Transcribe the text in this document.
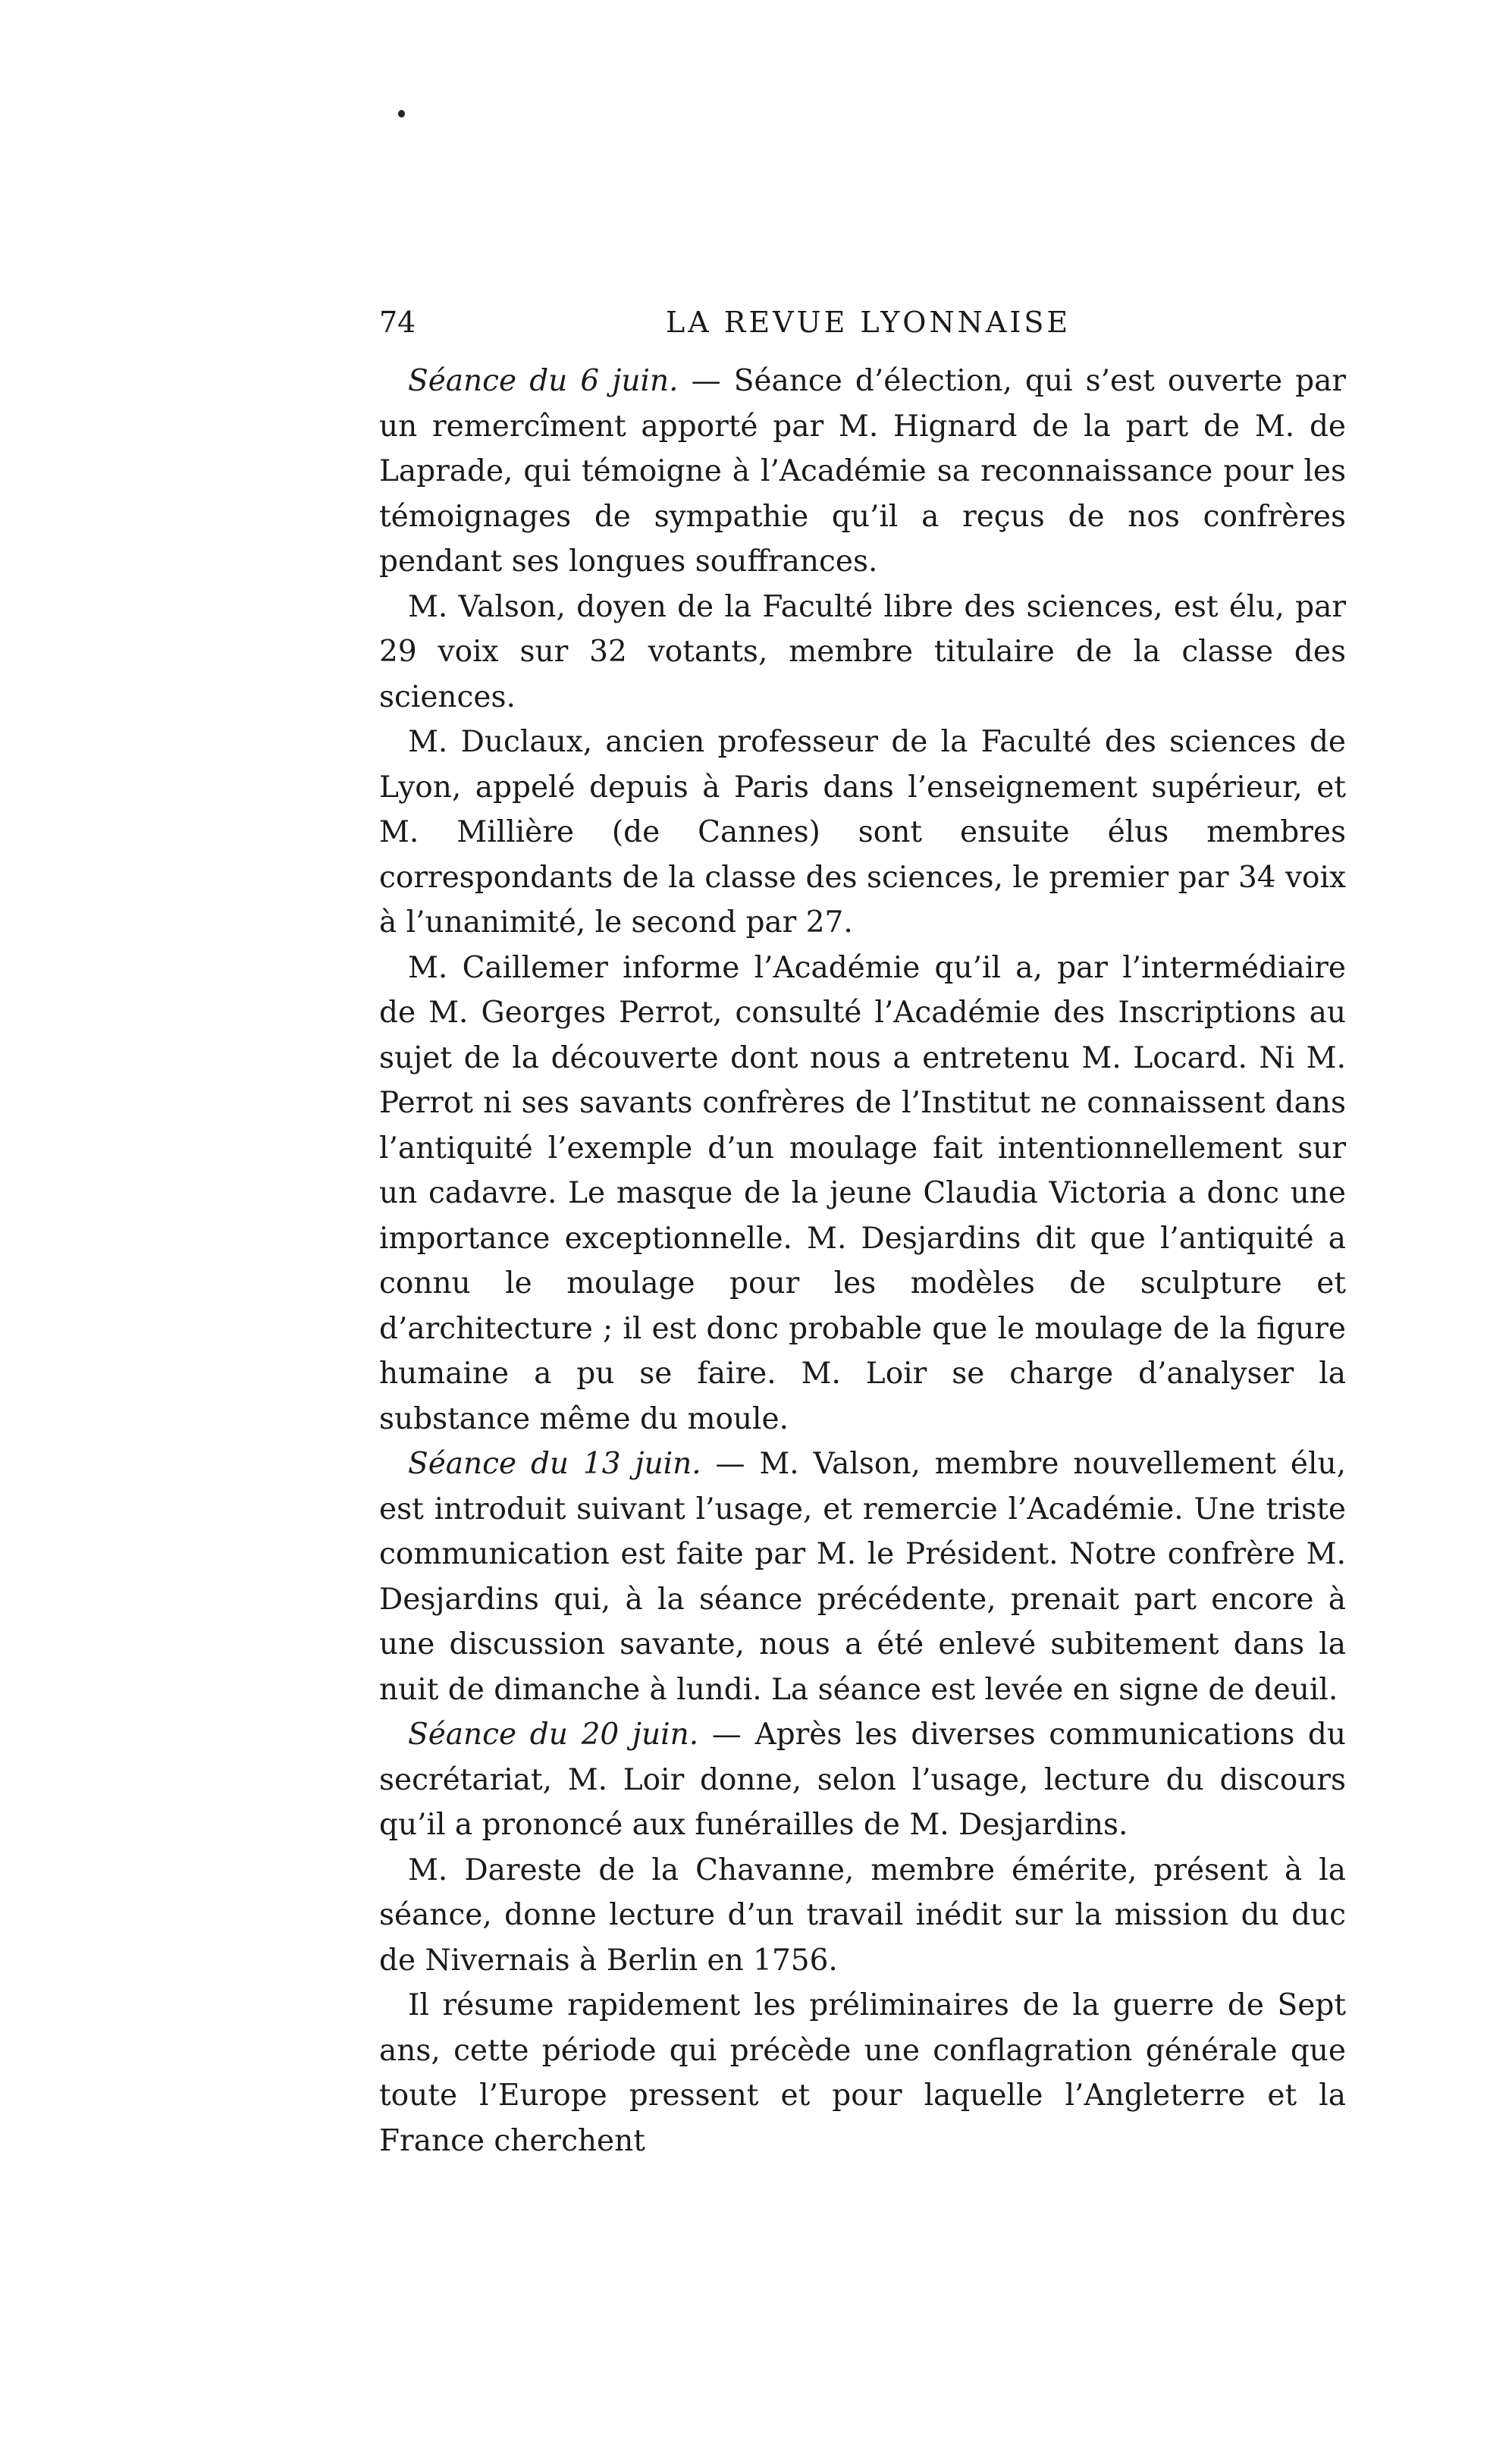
74	LA REVUE LYONNAISE

Séance du 6 juin. — Séance d’élection, qui s’est ouverte par un remercîment apporté par M. Hignard de la part de M. de Laprade, qui témoigne à l’Académie sa reconnaissance pour les témoignages de sympathie qu’il a reçus de nos confrères pendant ses longues souffrances.

M. Valson, doyen de la Faculté libre des sciences, est élu, par 29 voix sur 32 votants, membre titulaire de la classe des sciences.

M. Duclaux, ancien professeur de la Faculté des sciences de Lyon, appelé depuis à Paris dans l’enseignement supérieur, et M. Millière (de Cannes) sont ensuite élus membres correspondants de la classe des sciences, le premier par 34 voix à l’unanimité, le second par 27.

M. Caillemer informe l’Académie qu’il a, par l’intermédiaire de M. Georges Perrot, consulté l’Académie des Inscriptions au sujet de la découverte dont nous a entretenu M. Locard. Ni M. Perrot ni ses savants confrères de l’Institut ne connaissent dans l’antiquité l’exemple d’un moulage fait intentionnellement sur un cadavre. Le masque de la jeune Claudia Victoria a donc une importance exceptionnelle. M. Desjardins dit que l’antiquité a connu le moulage pour les modèles de sculpture et d’architecture ; il est donc probable que le moulage de la figure humaine a pu se faire. M. Loir se charge d’analyser la substance même du moule.

Séance du 13 juin. — M. Valson, membre nouvellement élu, est introduit suivant l’usage, et remercie l’Académie. Une triste communication est faite par M. le Président. Notre confrère M. Desjardins qui, à la séance précédente, prenait part encore à une discussion savante, nous a été enlevé subitement dans la nuit de dimanche à lundi. La séance est levée en signe de deuil.

Séance du 20 juin. — Après les diverses communications du secrétariat, M. Loir donne, selon l’usage, lecture du discours qu’il a prononcé aux funérailles de M. Desjardins.

M. Dareste de la Chavanne, membre émérite, présent à la séance, donne lecture d’un travail inédit sur la mission du duc de Nivernais à Berlin en 1756.

Il résume rapidement les préliminaires de la guerre de Sept ans, cette période qui précède une conflagration générale que toute l’Europe pressent et pour laquelle l’Angleterre et la France cherchent
